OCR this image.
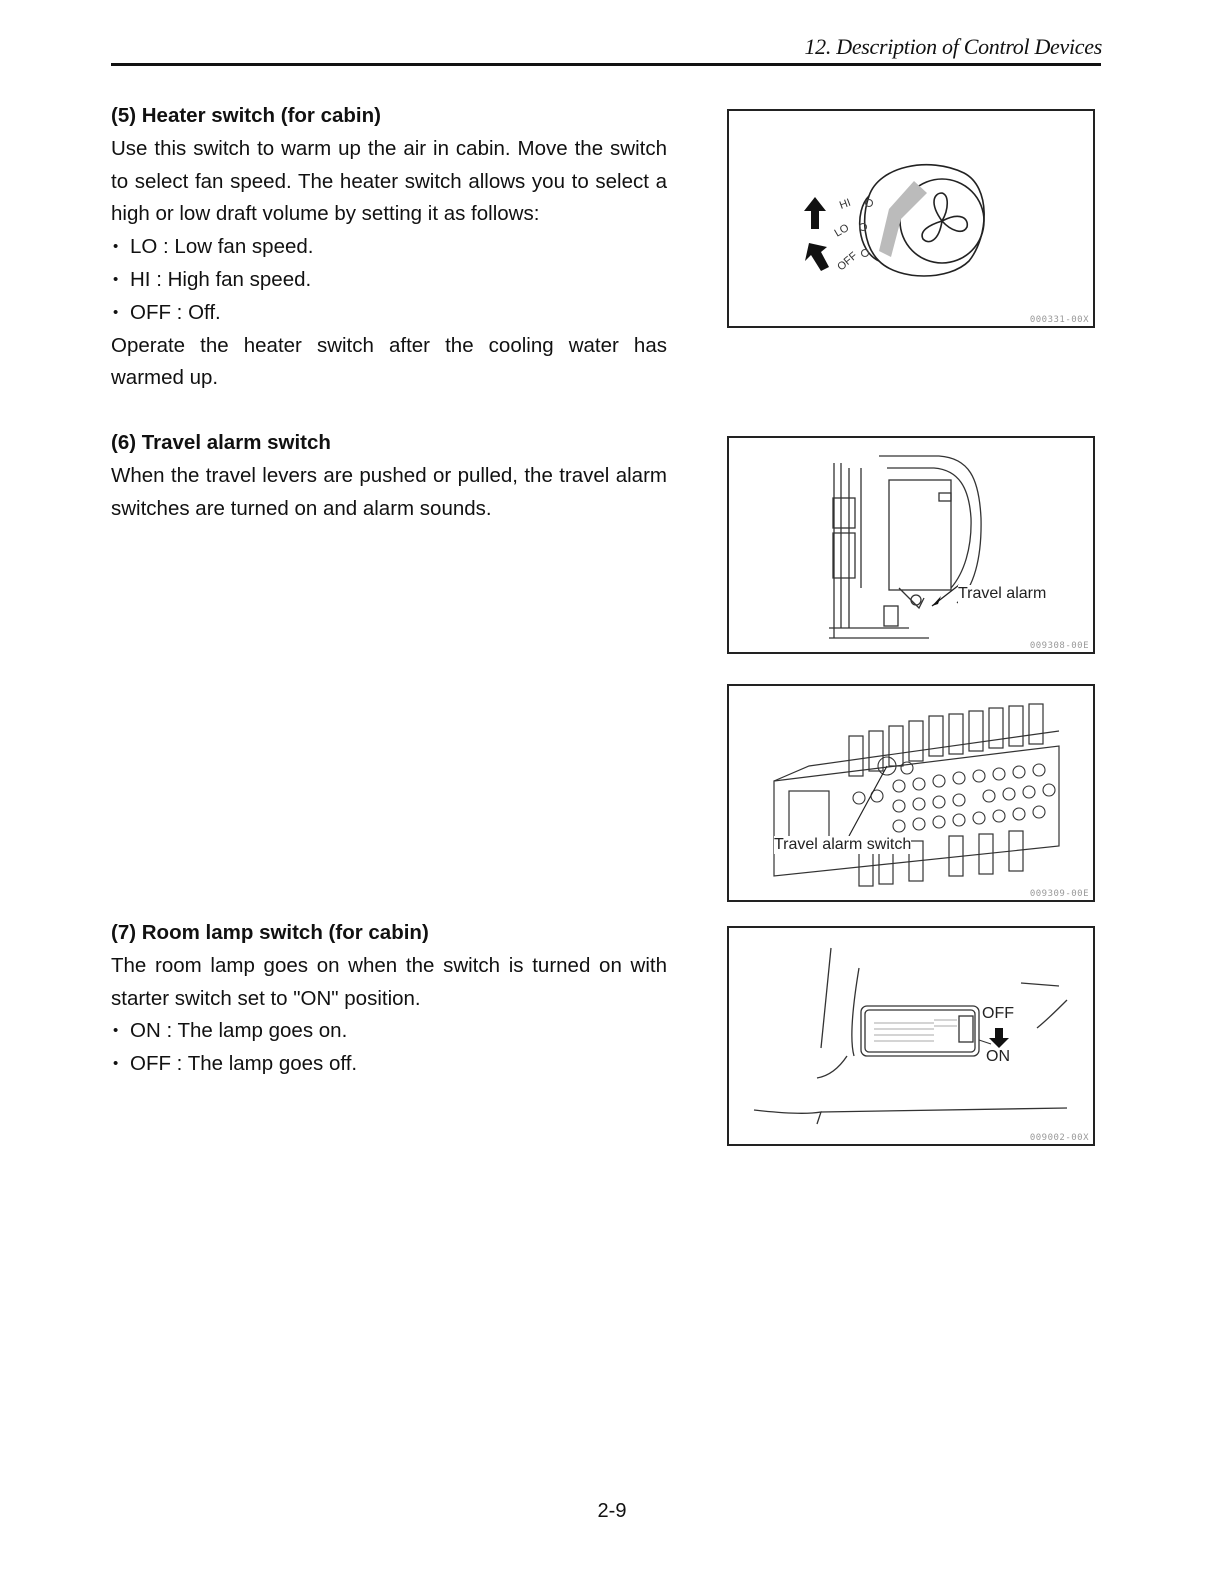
12. Description of Control Devices
(5) Heater switch (for cabin)

Use this switch to warm up the air in cabin. Move the switch to select fan speed. The heater switch allows you to select a high or low draft volume by setting it as follows:

• LO : Low fan speed.
• HI : High fan speed.
• OFF : Off.

Operate the heater switch after the cooling water has warmed up.

(6) Travel alarm switch

When the travel levers are pushed or pulled, the travel alarm switches are turned on and alarm sounds.

(7) Room lamp switch (for cabin)

The room lamp goes on when the switch is turned on with starter switch set to "ON" position.

• ON : The lamp goes on.
• OFF : The lamp goes off.
HI
LO
OFF
000331-00X
Travel alarm
009308-00E
Travel alarm switch
009309-00E
OFF
ON
009002-00X
2-9
